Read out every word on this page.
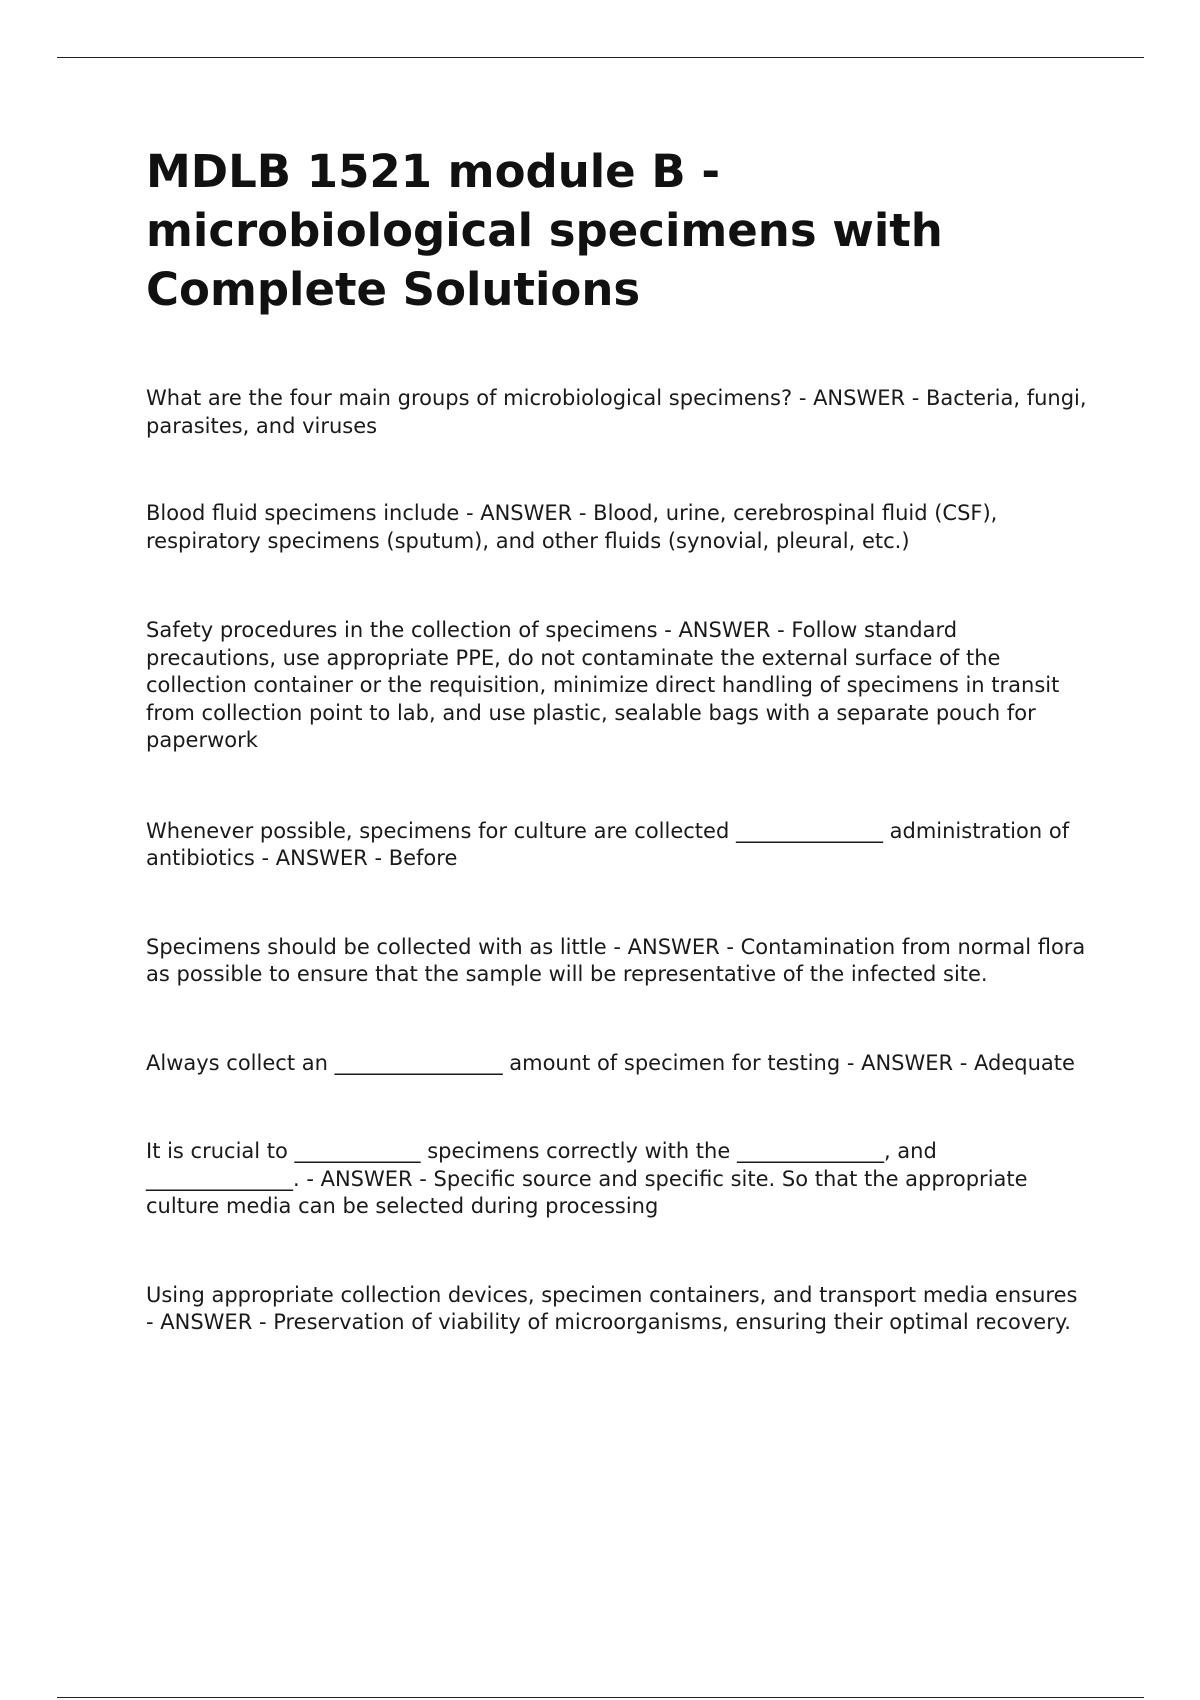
MDLB 1521 module B - microbiological specimens with Complete Solutions
What are the four main groups of microbiological specimens? - ANSWER - Bacteria, fungi, parasites, and viruses
Blood fluid specimens include - ANSWER - Blood, urine, cerebrospinal fluid (CSF), respiratory specimens (sputum), and other fluids (synovial, pleural, etc.)
Safety procedures in the collection of specimens - ANSWER - Follow standard precautions, use appropriate PPE, do not contaminate the external surface of the collection container or the requisition, minimize direct handling of specimens in transit from collection point to lab, and use plastic, sealable bags with a separate pouch for paperwork
Whenever possible, specimens for culture are collected ______________ administration of antibiotics - ANSWER - Before
Specimens should be collected with as little - ANSWER - Contamination from normal flora as possible to ensure that the sample will be representative of the infected site.
Always collect an ________________ amount of specimen for testing - ANSWER - Adequate
It is crucial to ____________ specimens correctly with the ______________, and ______________. - ANSWER - Specific source and specific site. So that the appropriate culture media can be selected during processing
Using appropriate collection devices, specimen containers, and transport media ensures - ANSWER - Preservation of viability of microorganisms, ensuring their optimal recovery.
